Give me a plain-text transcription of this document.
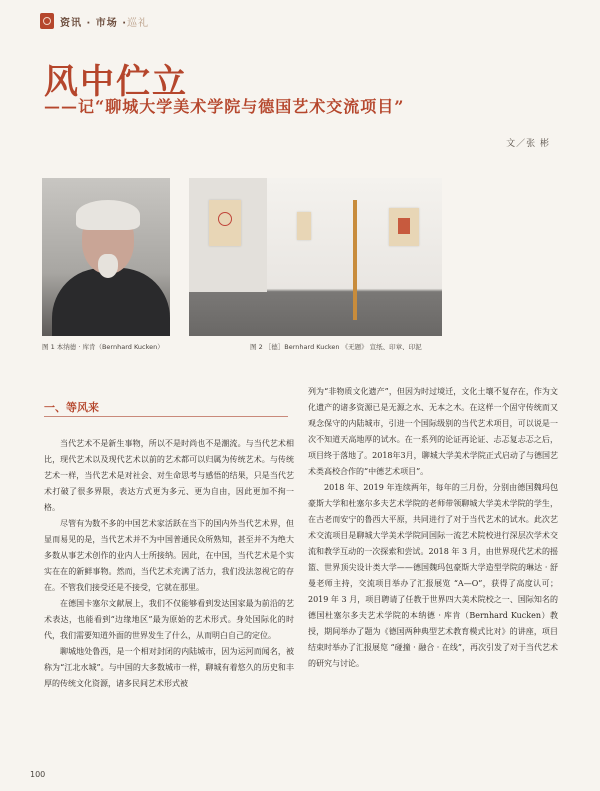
资讯 · 市场 ·巡礼
风中伫立
——记“聊城大学美术学院与德国艺术交流项目”
文／张 彬
图 1 本纳德 · 库肯（Bernhard Kucken）	图 2 ［德］Bernhard Kucken 《无题》 宣纸、印章、印泥
一、等风来

当代艺术不是新生事物，所以不是时尚也不是潮流。与当代艺术相比，现代艺术以及现代艺术以前的艺术都可以归属为传统艺术。与传统艺术一样，当代艺术是对社会、对生命思考与感悟的结果，只是当代艺术打破了很多界限，表达方式更为多元、更为自由，因此更加不拘一格。

尽管有为数不多的中国艺术家活跃在当下的国内外当代艺术界，但显而易见的是，当代艺术并不为中国普通民众所熟知，甚至并不为绝大多数从事艺术创作的业内人士所接纳。因此，在中国，当代艺术是个实实在在的新鲜事物。然而，当代艺术充满了活力，我们没法忽视它的存在。不管我们接受还是不接受，它就在那里。

在德国卡塞尔文献展上，我们不仅能够看到发达国家最为前沿的艺术表达，也能看到“边缘地区”最为原始的艺术形式。身处国际化的时代，我们需要知道外面的世界发生了什么，从而明白自己的定位。

聊城地处鲁西，是一个相对封闭的内陆城市，因为运河而闻名，被称为“江北水城”。与中国的大多数城市一样，聊城有着悠久的历史和丰厚的传统文化资源，诸多民间艺术形式被

列为“非物质文化遗产”，但因为时过境迁，文化土壤不复存在，作为文化遗产的诸多资源已是无源之水、无本之木。在这样一个固守传统而又观念保守的内陆城市，引进一个国际级别的当代艺术项目，可以说是一次不知道天高地厚的试水。在一系列的论证再论证、忐忑复忐忑之后，项目终于落地了。2018年3月，聊城大学美术学院正式启动了与德国艺术类高校合作的“中德艺术项目”。

2018 年、2019 年连续两年，每年的三月份，分别由德国魏玛包豪斯大学和杜塞尔多夫艺术学院的老师带领聊城大学美术学院的学生，在古老而安宁的鲁西大平原，共同进行了对于当代艺术的试水。此次艺术交流项目是聊城大学美术学院同国际一流艺术院校进行深层次学术交流和教学互动的一次探索和尝试。2018 年 3 月，由世界现代艺术的摇篮、世界顶尖设计类大学——德国魏玛包豪斯大学造型学院的琳达 · 舒曼老师主持，交流项目举办了汇报展览 “A—O”，获得了高度认可；2019 年 3 月，项目聘请了任教于世界四大美术院校之一、国际知名的德国杜塞尔多夫艺术学院的本纳德 · 库肯（Bernhard Kucken）教授，期间举办了题为《德国两种典型艺术教育模式比对》的讲座，项目结束时举办了汇报展览 “碰撞 · 融合 · 在线”，再次引发了对于当代艺术的研究与讨论。

100
